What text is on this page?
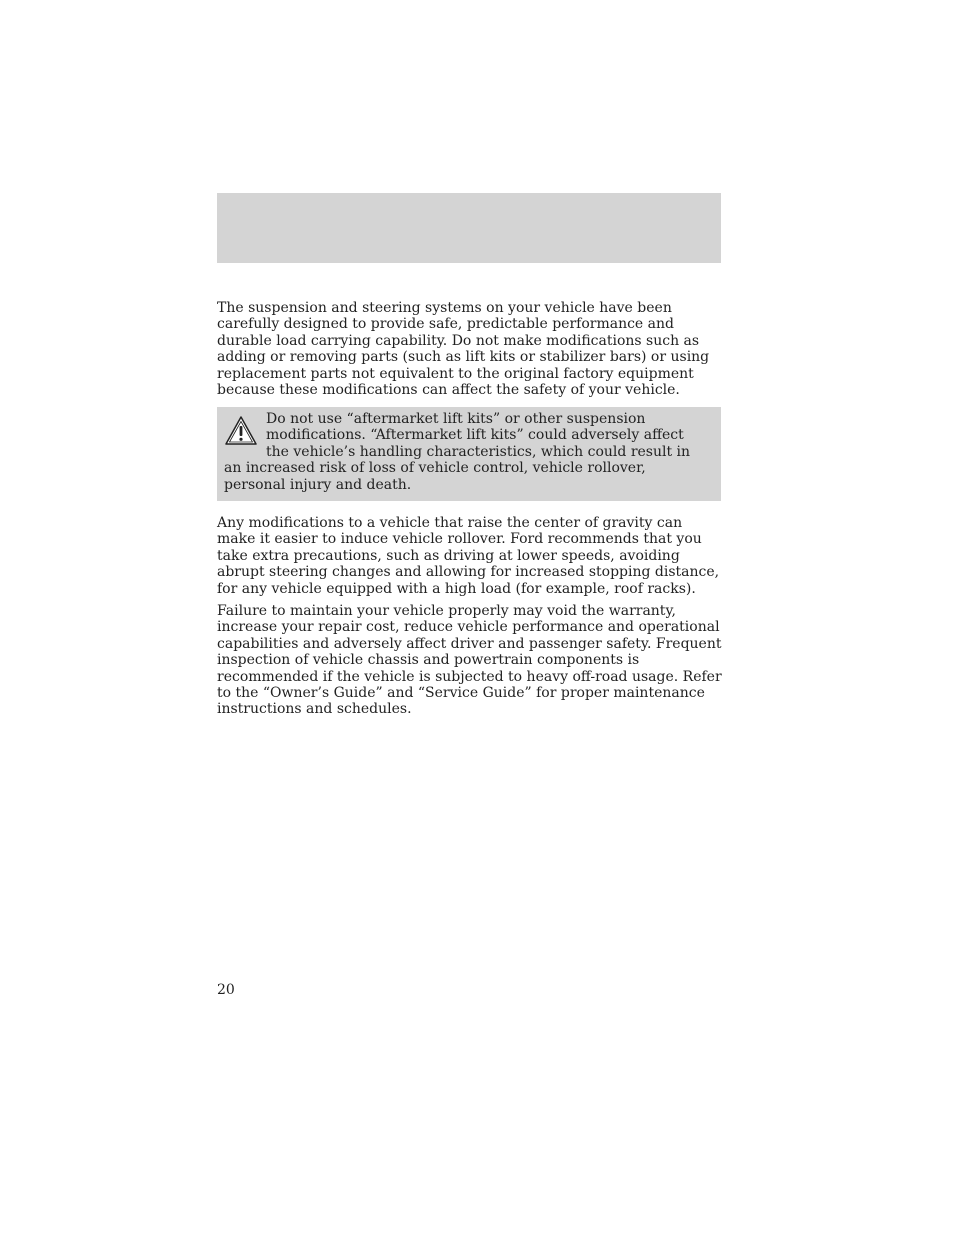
The suspension and steering systems on your vehicle have been carefully designed to provide safe, predictable performance and durable load carrying capability. Do not make modifications such as adding or removing parts (such as lift kits or stabilizer bars) or using replacement parts not equivalent to the original factory equipment because these modifications can affect the safety of your vehicle.

Do not use “aftermarket lift kits” or other suspension modifications. “Aftermarket lift kits” could adversely affect the vehicle’s handling characteristics, which could result in an increased risk of loss of vehicle control, vehicle rollover, personal injury and death.

Any modifications to a vehicle that raise the center of gravity can make it easier to induce vehicle rollover. Ford recommends that you take extra precautions, such as driving at lower speeds, avoiding abrupt steering changes and allowing for increased stopping distance, for any vehicle equipped with a high load (for example, roof racks).

Failure to maintain your vehicle properly may void the warranty, increase your repair cost, reduce vehicle performance and operational capabilities and adversely affect driver and passenger safety. Frequent inspection of vehicle chassis and powertrain components is recommended if the vehicle is subjected to heavy off-road usage. Refer to the “Owner’s Guide” and “Service Guide” for proper maintenance instructions and schedules.

20
